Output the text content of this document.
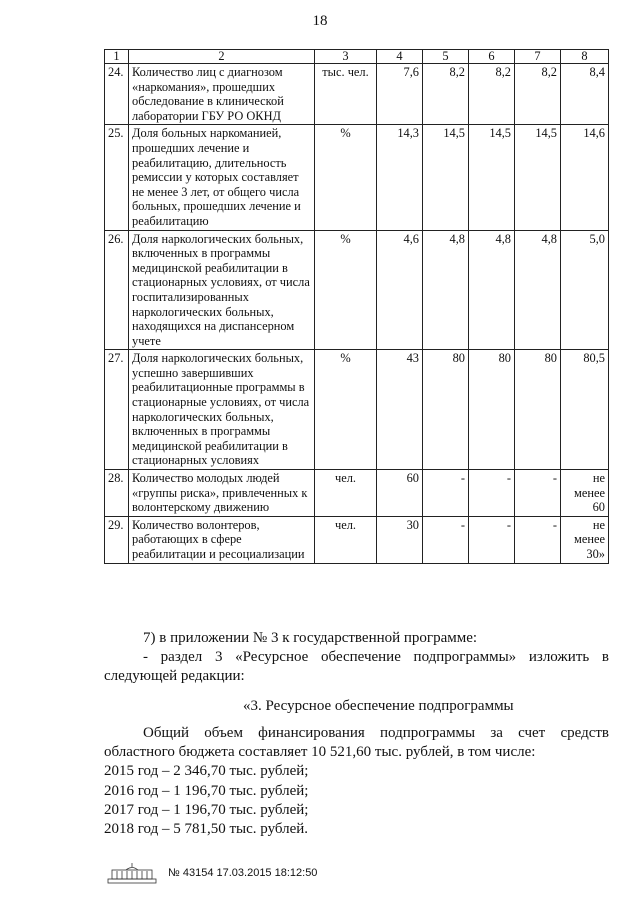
18
1	2	3	4	5	6	7	8
24.	Количество лиц с диагнозом «наркомания», прошедших обследование в клинической лаборатории ГБУ РО ОКНД	тыс. чел.	7,6	8,2	8,2	8,2	8,4
25.	Доля больных наркоманией, прошедших лечение и реабилитацию, длительность ремиссии у которых составляет не менее 3 лет, от общего числа больных, прошедших лечение и реабилитацию	%	14,3	14,5	14,5	14,5	14,6
26.	Доля наркологических больных, включенных в программы медицинской реабилитации в стационарных условиях, от числа госпитализированных наркологических больных, находящихся на диспансерном учете	%	4,6	4,8	4,8	4,8	5,0
27.	Доля наркологических больных, успешно завершивших реабилитационные программы в стационарные условиях, от числа наркологических больных, включенных в программы медицинской реабилитации в стационарных условиях	%	43	80	80	80	80,5
28.	Количество молодых людей «группы риска», привлеченных к волонтерскому движению	чел.	60	-	-	-	не менее 60
29.	Количество волонтеров, работающих в сфере реабилитации и ресоциализации	чел.	30	-	-	-	не менее 30»
7) в приложении № 3 к государственной программе:
- раздел 3 «Ресурсное обеспечение подпрограммы» изложить в
следующей редакции:
«3. Ресурсное обеспечение подпрограммы
Общий объем финансирования подпрограммы за счет средств
областного бюджета составляет 10 521,60 тыс. рублей, в том числе:
2015 год – 2 346,70 тыс. рублей;
2016 год – 1 196,70 тыс. рублей;
2017 год – 1 196,70 тыс. рублей;
2018 год – 5 781,50 тыс. рублей.
№ 43154 17.03.2015 18:12:50
